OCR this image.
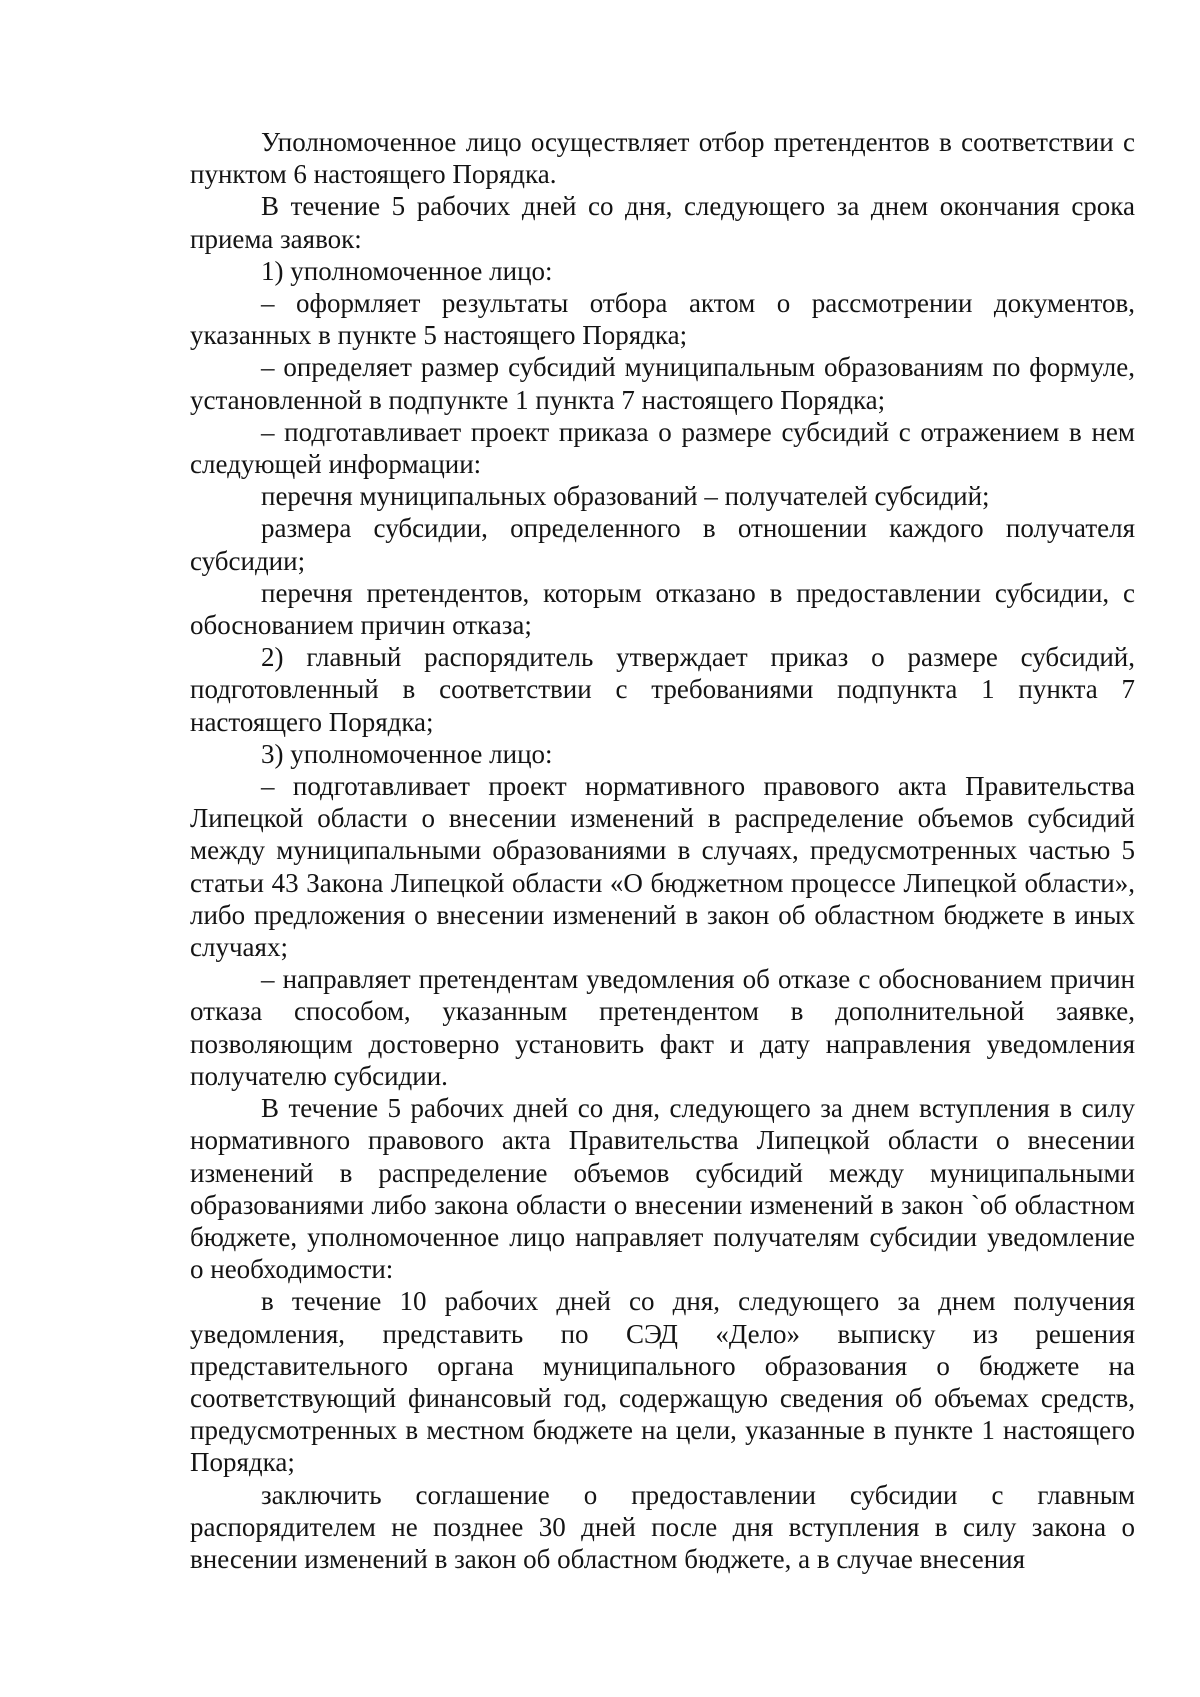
Уполномоченное лицо осуществляет отбор претендентов в соответствии с пунктом 6 настоящего Порядка.

В течение 5 рабочих дней со дня, следующего за днем окончания срока приема заявок:

1) уполномоченное лицо:

– оформляет результаты отбора актом о рассмотрении документов, указанных в пункте 5 настоящего Порядка;

– определяет размер субсидий муниципальным образованиям по формуле, установленной в подпункте 1 пункта 7 настоящего Порядка;

– подготавливает проект приказа о размере субсидий с отражением в нем следующей информации:

перечня муниципальных образований – получателей субсидий;

размера субсидии, определенного в отношении каждого получателя субсидии;

перечня претендентов, которым отказано в предоставлении субсидии, с обоснованием причин отказа;

2) главный распорядитель утверждает приказ о размере субсидий, подготовленный в соответствии с требованиями подпункта 1 пункта 7 настоящего Порядка;

3) уполномоченное лицо:

– подготавливает проект нормативного правового акта Правительства Липецкой области о внесении изменений в распределение объемов субсидий между муниципальными образованиями в случаях, предусмотренных частью 5 статьи 43 Закона Липецкой области «О бюджетном процессе Липецкой области», либо предложения о внесении изменений в закон об областном бюджете в иных случаях;

– направляет претендентам уведомления об отказе с обоснованием причин отказа способом, указанным претендентом в дополнительной заявке, позволяющим достоверно установить факт и дату направления уведомления получателю субсидии.

В течение 5 рабочих дней со дня, следующего за днем вступления в силу нормативного правового акта Правительства Липецкой области о внесении изменений в распределение объемов субсидий между муниципальными образованиями либо закона области о внесении изменений в закон `об областном бюджете, уполномоченное лицо направляет получателям субсидии уведомление о необходимости:

в течение 10 рабочих дней со дня, следующего за днем получения уведомления, представить по СЭД «Дело» выписку из решения представительного органа муниципального образования о бюджете на соответствующий финансовый год, содержащую сведения об объемах средств, предусмотренных в местном бюджете на цели, указанные в пункте 1 настоящего Порядка;

заключить соглашение о предоставлении субсидии с главным распорядителем не позднее 30 дней после дня вступления в силу закона о внесении изменений в закон об областном бюджете, а в случае внесения
